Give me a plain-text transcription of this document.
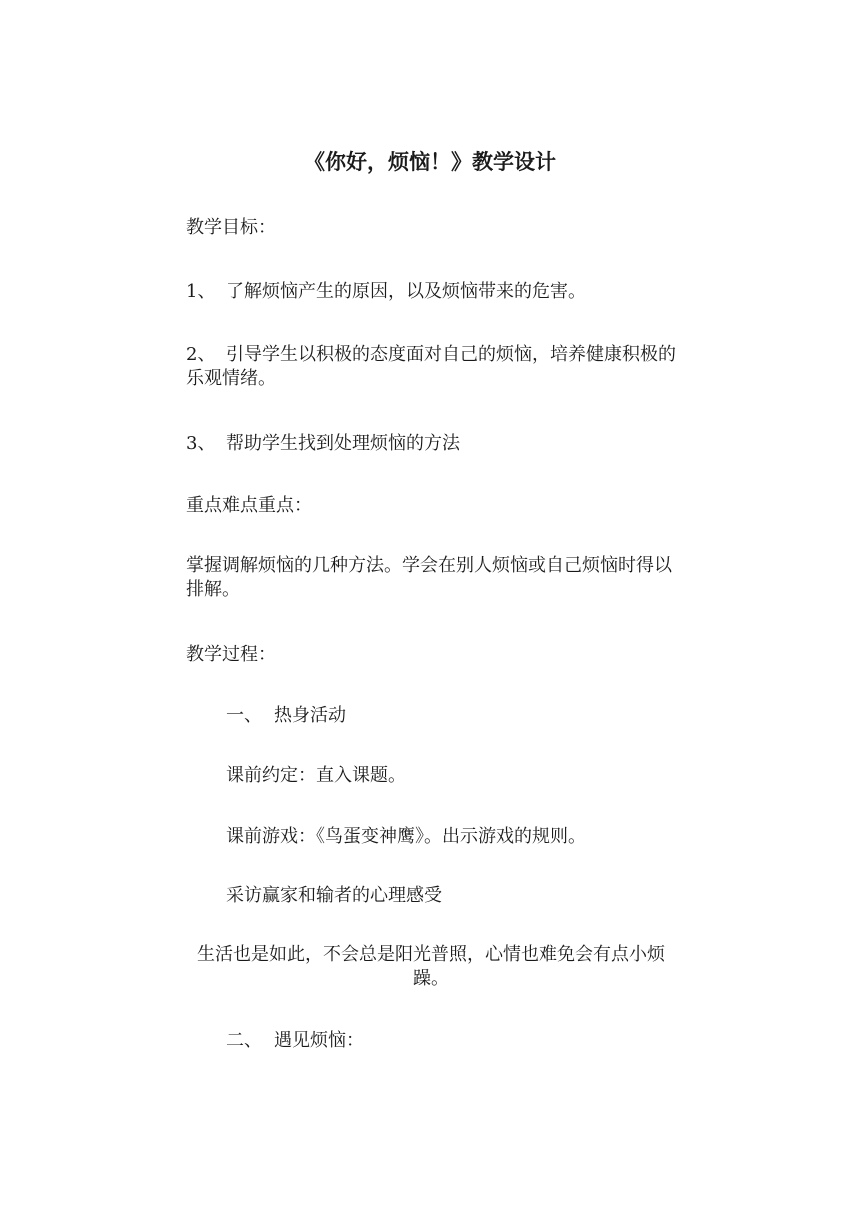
《你好，烦恼！》教学设计

教学目标：

1、 了解烦恼产生的原因，以及烦恼带来的危害。

2、 引导学生以积极的态度面对自己的烦恼，培养健康积极的乐观情绪。

3、 帮助学生找到处理烦恼的方法

重点难点重点：

掌握调解烦恼的几种方法。学会在别人烦恼或自己烦恼时得以排解。

教学过程：

一、 热身活动

课前约定：直入课题。

课前游戏：《鸟蛋变神鹰》。出示游戏的规则。

采访赢家和输者的心理感受

生活也是如此，不会总是阳光普照，心情也难免会有点小烦躁。

二、 遇见烦恼：
